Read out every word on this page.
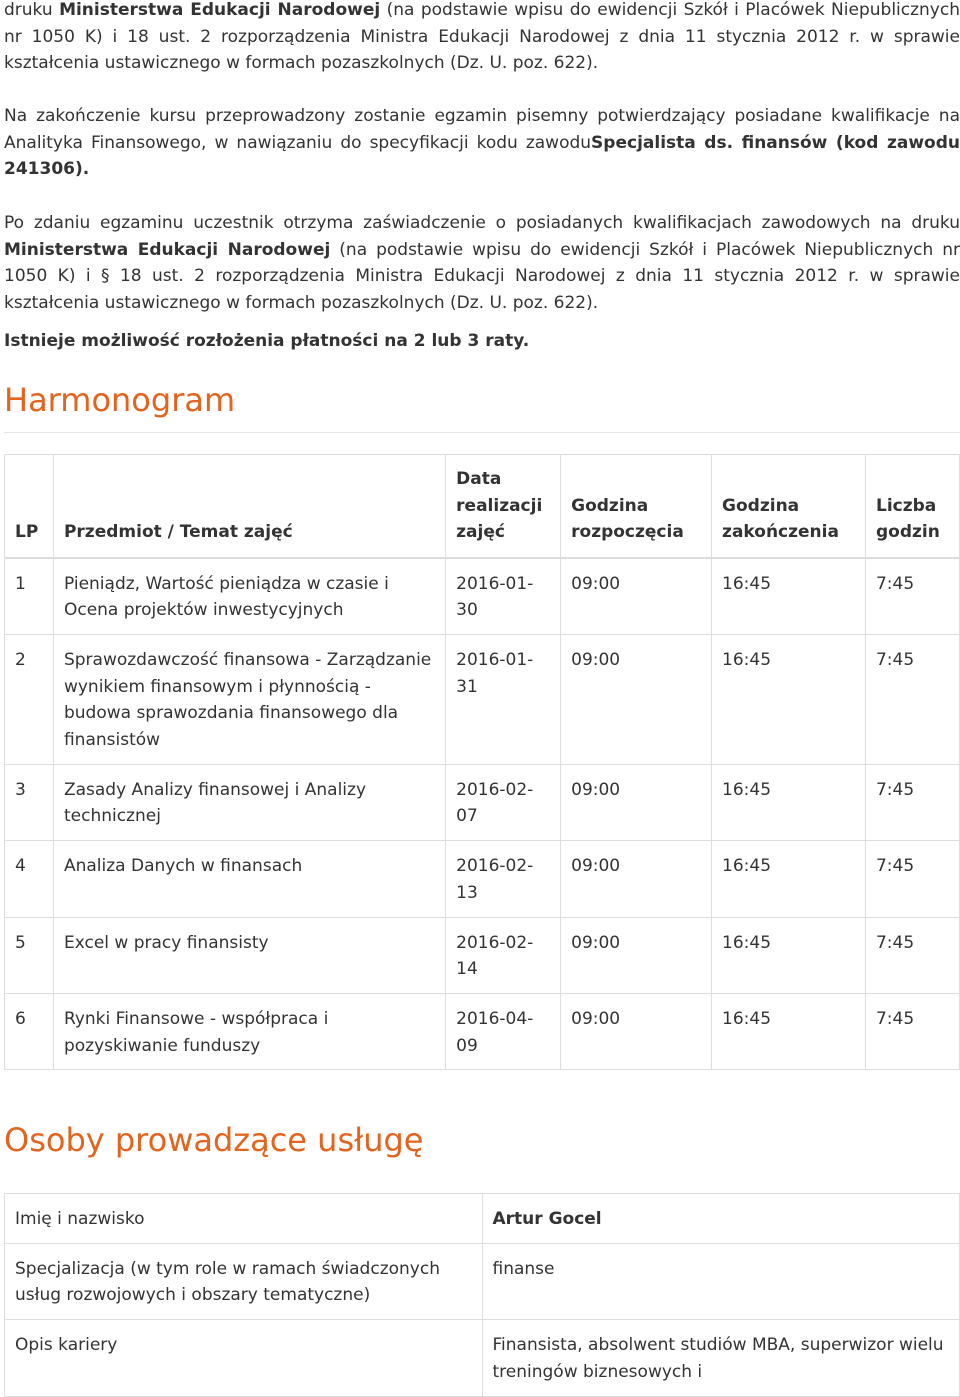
druku Ministerstwa Edukacji Narodowej (na podstawie wpisu do ewidencji Szkół i Placówek Niepublicznych nr 1050 K) i 18 ust. 2 rozporządzenia Ministra Edukacji Narodowej z dnia 11 stycznia 2012 r. w sprawie kształcenia ustawicznego w formach pozaszkolnych (Dz. U. poz. 622).

Na zakończenie kursu przeprowadzony zostanie egzamin pisemny potwierdzający posiadane kwalifikacje na Analityka Finansowego, w nawiązaniu do specyfikacji kodu zawoduSpecjalista ds. finansów (kod zawodu 241306).

Po zdaniu egzaminu uczestnik otrzyma zaświadczenie o posiadanych kwalifikacjach zawodowych na druku Ministerstwa Edukacji Narodowej (na podstawie wpisu do ewidencji Szkół i Placówek Niepublicznych nr 1050 K) i § 18 ust. 2 rozporządzenia Ministra Edukacji Narodowej z dnia 11 stycznia 2012 r. w sprawie kształcenia ustawicznego w formach pozaszkolnych (Dz. U. poz. 622).

Istnieje możliwość rozłożenia płatności na 2 lub 3 raty.

Harmonogram
LP	Przedmiot / Temat zajęć	Data realizacji zajęć	Godzina rozpoczęcia	Godzina zakończenia	Liczba godzin
1	Pieniądz, Wartość pieniądza w czasie i Ocena projektów inwestycyjnych	2016-01-30	09:00	16:45	7:45
2	Sprawozdawczość finansowa - Zarządzanie wynikiem finansowym i płynnością - budowa sprawozdania finansowego dla finansistów	2016-01-31	09:00	16:45	7:45
3	Zasady Analizy finansowej i Analizy technicznej	2016-02-07	09:00	16:45	7:45
4	Analiza Danych w finansach	2016-02-13	09:00	16:45	7:45
5	Excel w pracy finansisty	2016-02-14	09:00	16:45	7:45
6	Rynki Finansowe - współpraca i pozyskiwanie funduszy	2016-04-09	09:00	16:45	7:45
Osoby prowadzące usługę
Imię i nazwisko	Artur Gocel
Specjalizacja (w tym role w ramach świadczonych usług rozwojowych i obszary tematyczne)	finanse
Opis kariery	Finansista, absolwent studiów MBA, superwizor wielu treningów biznesowych i
